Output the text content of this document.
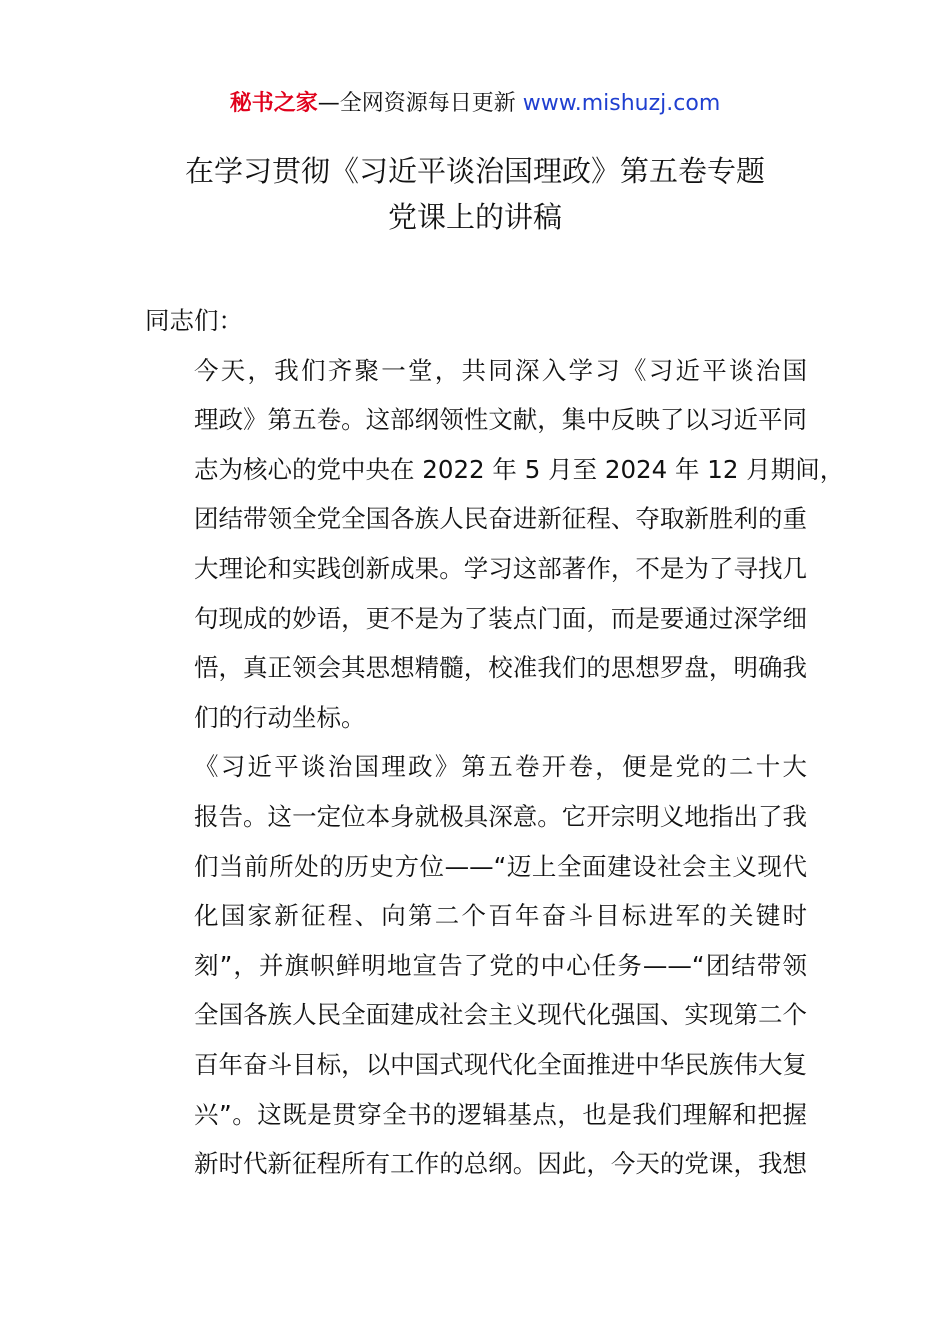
秘书之家—全网资源每日更新 www.mishuzj.com
在学习贯彻《习近平谈治国理政》第五卷专题
党课上的讲稿

同志们：

今天，我们齐聚一堂，共同深入学习《习近平谈治国
理政》第五卷。这部纲领性文献，集中反映了以习近平同
志为核心的党中央在 2022 年 5 月至 2024 年 12 月期间，
团结带领全党全国各族人民奋进新征程、夺取新胜利的重
大理论和实践创新成果。学习这部著作，不是为了寻找几
句现成的妙语，更不是为了装点门面，而是要通过深学细
悟，真正领会其思想精髓，校准我们的思想罗盘，明确我
们的行动坐标。

《习近平谈治国理政》第五卷开卷，便是党的二十大
报告。这一定位本身就极具深意。它开宗明义地指出了我
们当前所处的历史方位——“迈上全面建设社会主义现代
化国家新征程、向第二个百年奋斗目标进军的关键时
刻”，并旗帜鲜明地宣告了党的中心任务——“团结带领
全国各族人民全面建成社会主义现代化强国、实现第二个
百年奋斗目标，以中国式现代化全面推进中华民族伟大复
兴”。这既是贯穿全书的逻辑基点，也是我们理解和把握
新时代新征程所有工作的总纲。因此，今天的党课，我想
